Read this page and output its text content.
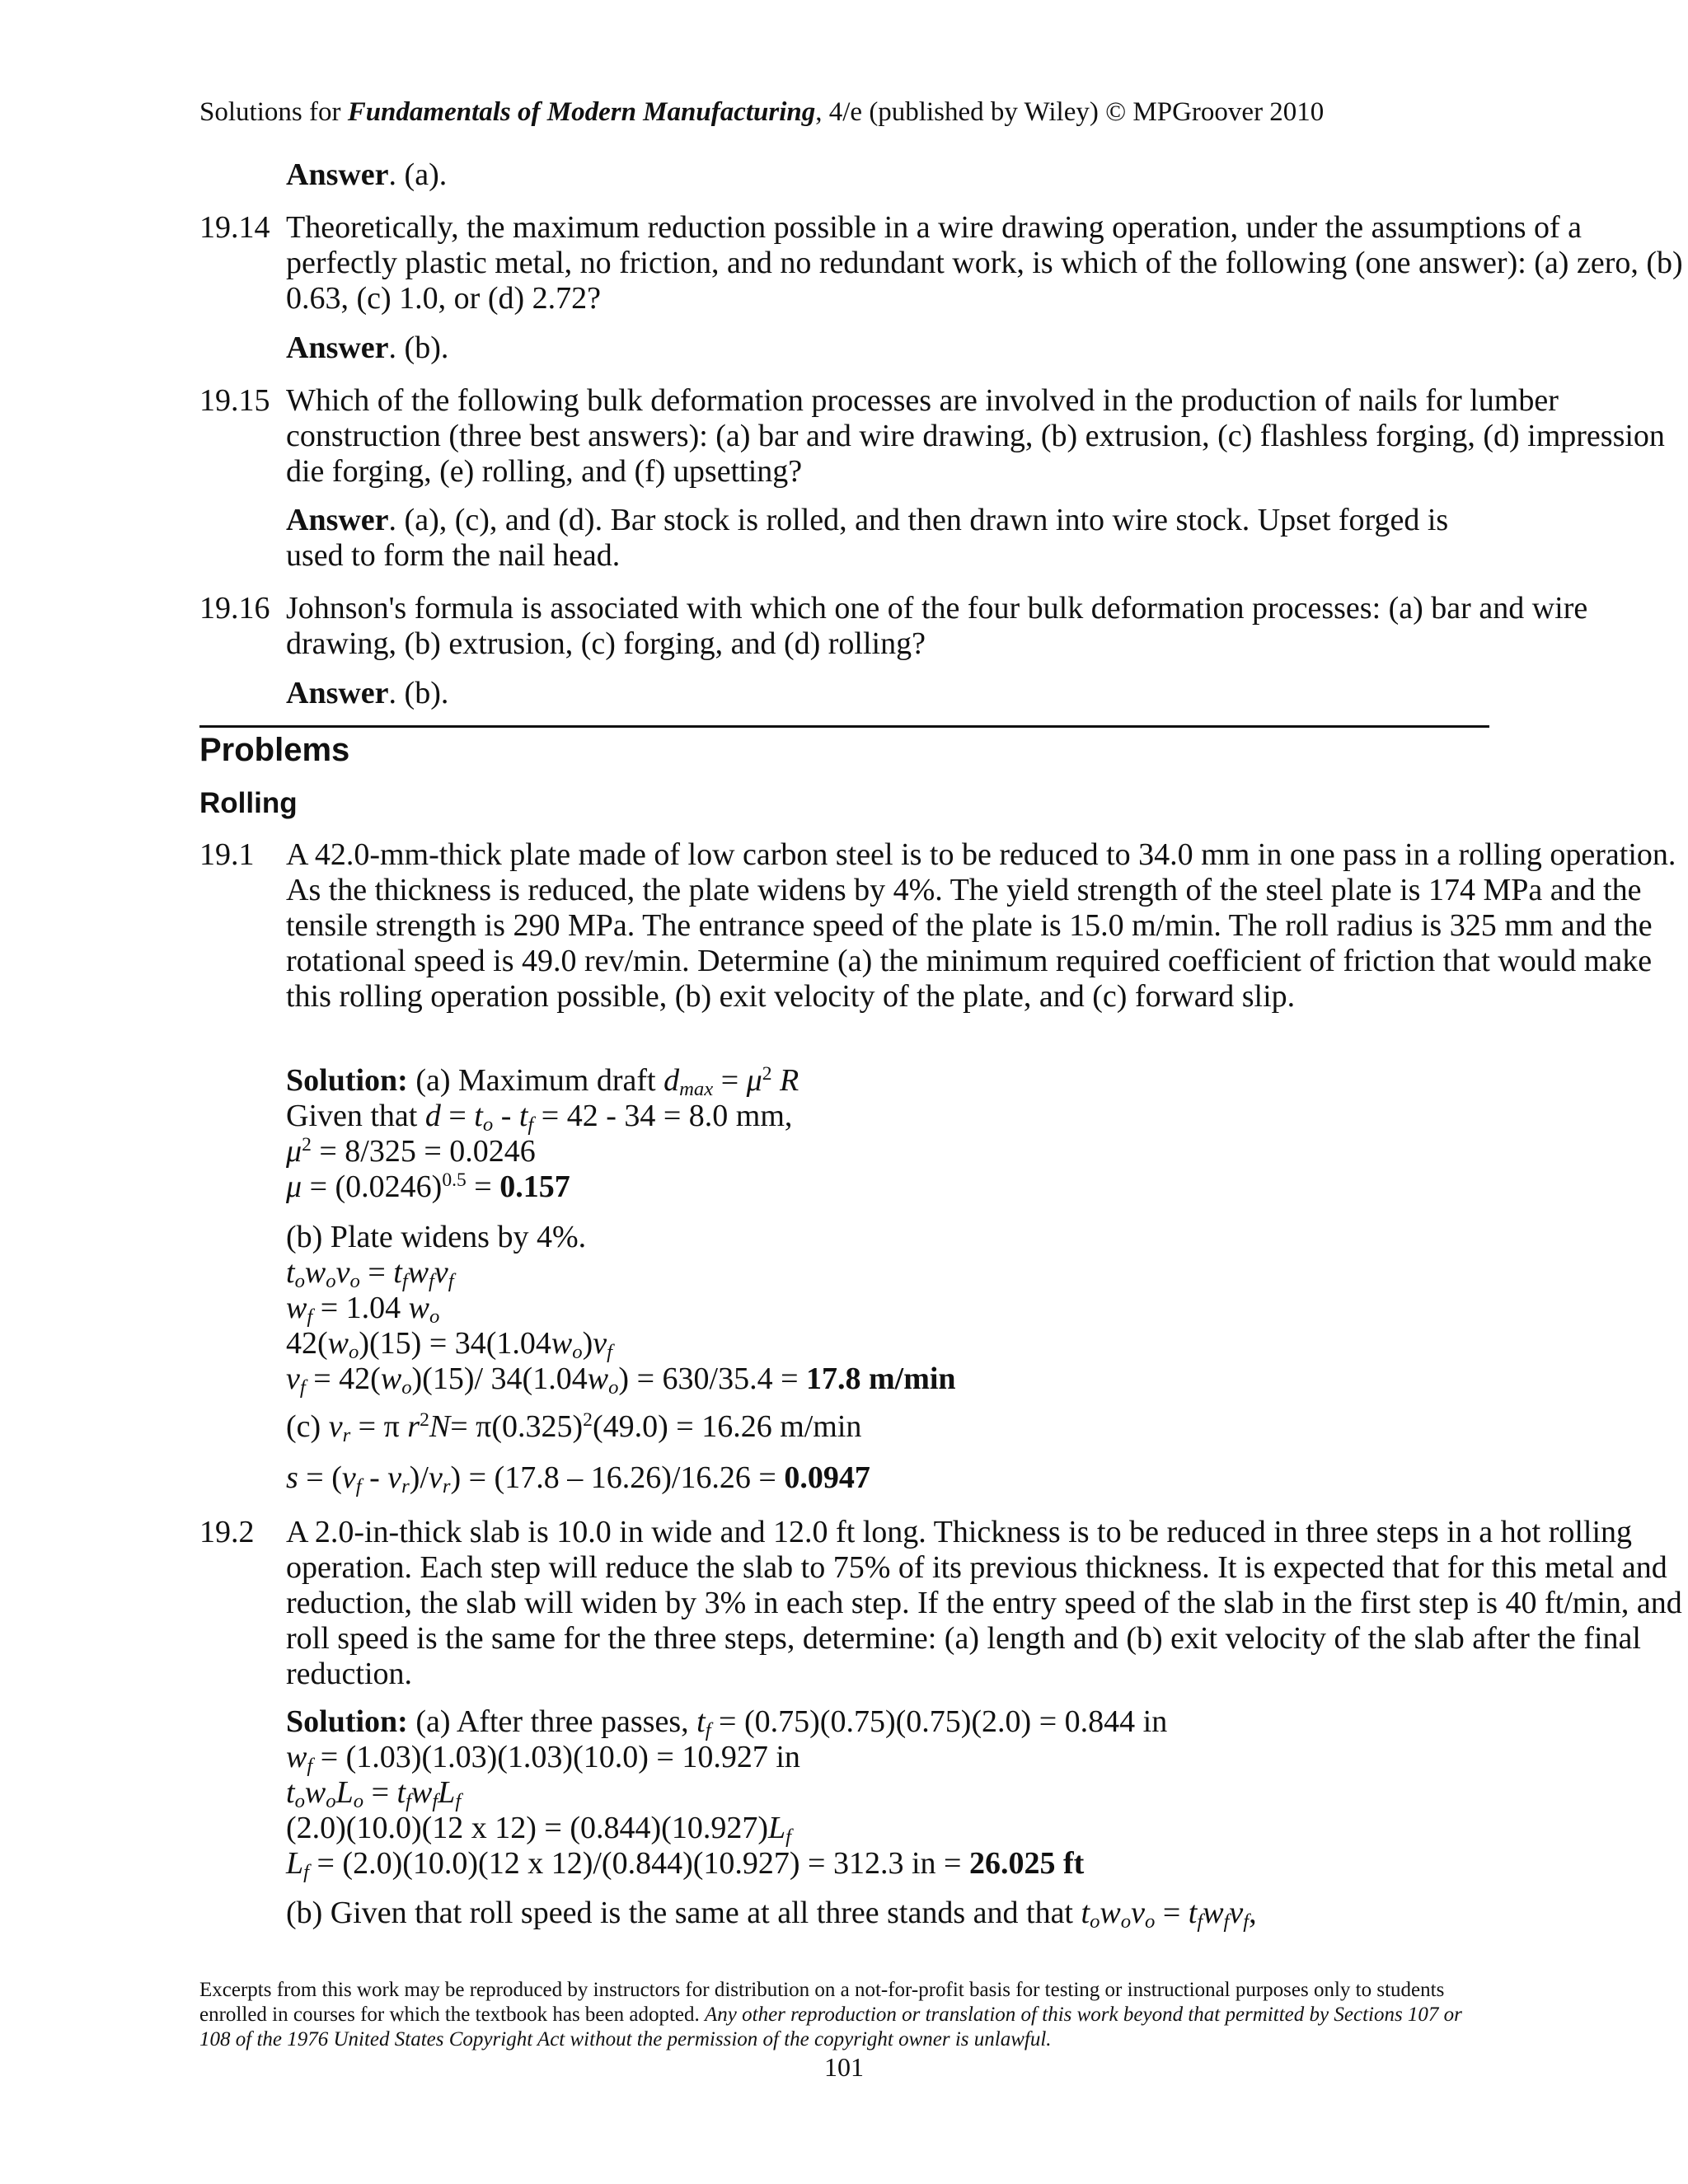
Solutions for Fundamentals of Modern Manufacturing, 4/e (published by Wiley) © MPGroover 2010
Answer. (a).
19.14 Theoretically, the maximum reduction possible in a wire drawing operation, under the assumptions of a perfectly plastic metal, no friction, and no redundant work, is which of the following (one answer): (a) zero, (b) 0.63, (c) 1.0, or (d) 2.72?
Answer. (b).
19.15 Which of the following bulk deformation processes are involved in the production of nails for lumber construction (three best answers): (a) bar and wire drawing, (b) extrusion, (c) flashless forging, (d) impression die forging, (e) rolling, and (f) upsetting?
Answer. (a), (c), and (d). Bar stock is rolled, and then drawn into wire stock. Upset forged is used to form the nail head.
19.16 Johnson's formula is associated with which one of the four bulk deformation processes: (a) bar and wire drawing, (b) extrusion, (c) forging, and (d) rolling?
Answer. (b).
Problems
Rolling
19.1	A 42.0-mm-thick plate made of low carbon steel is to be reduced to 34.0 mm in one pass in a rolling operation. As the thickness is reduced, the plate widens by 4%. The yield strength of the steel plate is 174 MPa and the tensile strength is 290 MPa. The entrance speed of the plate is 15.0 m/min. The roll radius is 325 mm and the rotational speed is 49.0 rev/min. Determine (a) the minimum required coefficient of friction that would make this rolling operation possible, (b) exit velocity of the plate, and (c) forward slip.
Solution: (a) Maximum draft $d_{max} = \mu^2$ R
Given that $d = t_o - t_f = 42 - 34 = 8.0$ mm,
$\mu^2 = 8/325 = 0.0246$
$\mu = (0.0246)^{0.5} = 0.157$
(b) Plate widens by 4%.
$t_ow_ov_o = t_fw_fv_f$
$w_f = 1.04$ $w_o$
$42(w_o)(15) = 34(1.04w_o)v_f$
$v_f = 42(w_o)(15)/$ $34(1.04w_o) = 630/35.4 = 17.8$ m/min
(c) $v_r = \pi$ $r^2N= \pi(0.325)^2(49.0) = 16.26$ m/min
$s = (v_f - v_r)/v_r) = (17.8 - 16.26)/16.26 = 0.0947$
19.2	A 2.0-in-thick slab is 10.0 in wide and 12.0 ft long. Thickness is to be reduced in three steps in a hot rolling operation. Each step will reduce the slab to 75% of its previous thickness. It is expected that for this metal and reduction, the slab will widen by 3% in each step. If the entry speed of the slab in the first step is 40 ft/min, and roll speed is the same for the three steps, determine: (a) length and (b) exit velocity of the slab after the final reduction.
Solution: (a) After three passes, $t_f = (0.75)(0.75)(0.75)(2.0) = 0.844$ in
$w_f = (1.03)(1.03)(1.03)(10.0) = 10.927$ in
$t_ow_oL_o = t_fw_fL_f$
(2.0)(10.0)(12 x $12) = (0.844)(10.927)L_f$
$L_f = (2.0)(10.0)(12$ x 12)/(0.844)(10.927) = 312.3 in = 26.025 ft
(b) Given that roll speed is the same at all three stands and that $t_ow_ov_o = t_fw_fv_f$,
Excerpts from this work may be reproduced by instructors for distribution on a not-for-profit basis for testing or instructional purposes only to students enrolled in courses for which the textbook has been adopted. Any other reproduction or translation of this work beyond that permitted by Sections 107 or 108 of the 1976 United States Copyright Act without the permission of the copyright owner is unlawful.
101
